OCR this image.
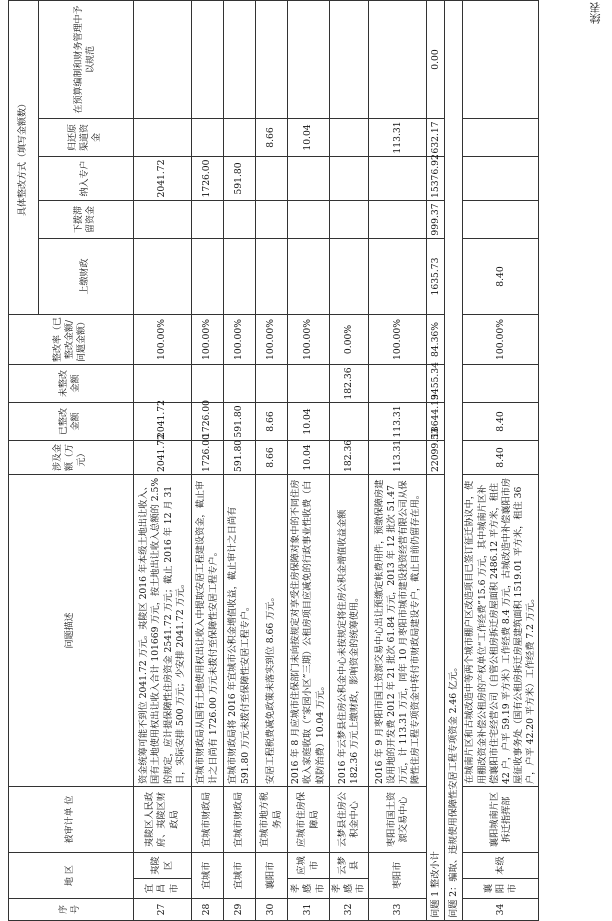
续表
序号	地 区		被审计单 位	问题描述	涉及金额（万元）	已整改金额	未整改金额	整改率（已整改金额/问题金额）	具体整改方式（填写金额数）				
									上缴财政	下拨滞留资金	纳入专户	归还原渠道资金	在预算编制和财务管理中予以规范
27	宜昌市	夷陵区	夷陵区人民政府、夷陵区财政局	资金统筹可能不到位 2041.72 万元。夷陵区 2016 年本级土地出让收入、国有土地使用权出让收入合计 101669 万元，按土地出让收入总额的 2.5% 的规定，应计提保障性住房资金 2541.72 万元；截止 2016 年 12 月 31 日，实际安排 500 万元；少安排 2041.72 万元。	2041.72	2041.72		100.00%			2041.72		
28	宜城市		宜城市财政局	宜城市财政局从国有土地使用权出让收入中提取安居工程建设资金，截止审计之日尚有 1726.00 万元未拨付至保障性安居工程专户。	1726.00	1726.00		100.00%			1726.00		
29	宜城市		宜城市财政局	宜城市财政局将 2016 年宜城市公积金增值收益，截止审计之日尚有 591.80 万元未拨付至保障性安居工程专户。	591.80	591.80		100.00%			591.80		
30	襄阳市		宜城市地方税务局	安居工程税费减免政策未落实到位 8.66 万元。	8.66	8.66		100.00%				8.66	
31	孝感市	应城市	应城市住房保障局	2016 年 8 月应城市住保部门未向按规定对享受住房保障对象中的不同住房收入家庭收取（“家园小区”三期）公租房项目应减免的行政事业性收费（白蚁防治费）10.04 万元。	10.04	10.04		100.00%				10.04	
32	孝感市	云梦县	云梦县住房公积金中心	2016 年云梦县住房公积金中心未按规定将住房公积金增值收益金额 182.36 万元上缴财政，影响资金的统筹使用。	182.36		182.36	0.00%					
33	枣阳市		枣阳市国土资源交易中心	2016 年 9 月枣阳市国土资源交易中心出让预缴定帐费用件，预缴保障房建设用地的开发费 2012 年 21 批次 61.84 万元，2013 年 12 批次 51.47 万元，计 113.31 万元，同年 10 月枣阳市城市建设投资经营有限公司从保障性住房工程专项资金中转付市财政局建设专户，截止目前仍留存在用。	113.31	113.31		100.00%				113.31	
问题 1 整改小计					22099.53	18644.19	3455.34	84.36%	1635.73	999.37	15376.92	632.17	0.00
问题 2：骗取、违规使用保障性安居工程专项资金 2.46 亿元。													
34	襄阳市	本级	襄阳城南片区拆迁指挥部	在城南片区和古城改造中等两个城市棚户区改造项目已签订征迁协议中，使用棚改资金补偿公租房的产权单位“工作经费”15.6 万元，其中城南片区补偿襄阳市住宅经营公司（自管公租房拆迁房屋面积 2486.12 平方米，租住 42 户，户平 59.19 平方米）工作经费 8.4 万元，古城改造中补偿襄阳市房屋征收事务处（国有公租房拆迁房屋建筑面积 1519.01 平方米，租住 36 户，户平 42.20 平方米）工作经费 7.2 万元。	8.40	8.40		100.00%	8.40				
